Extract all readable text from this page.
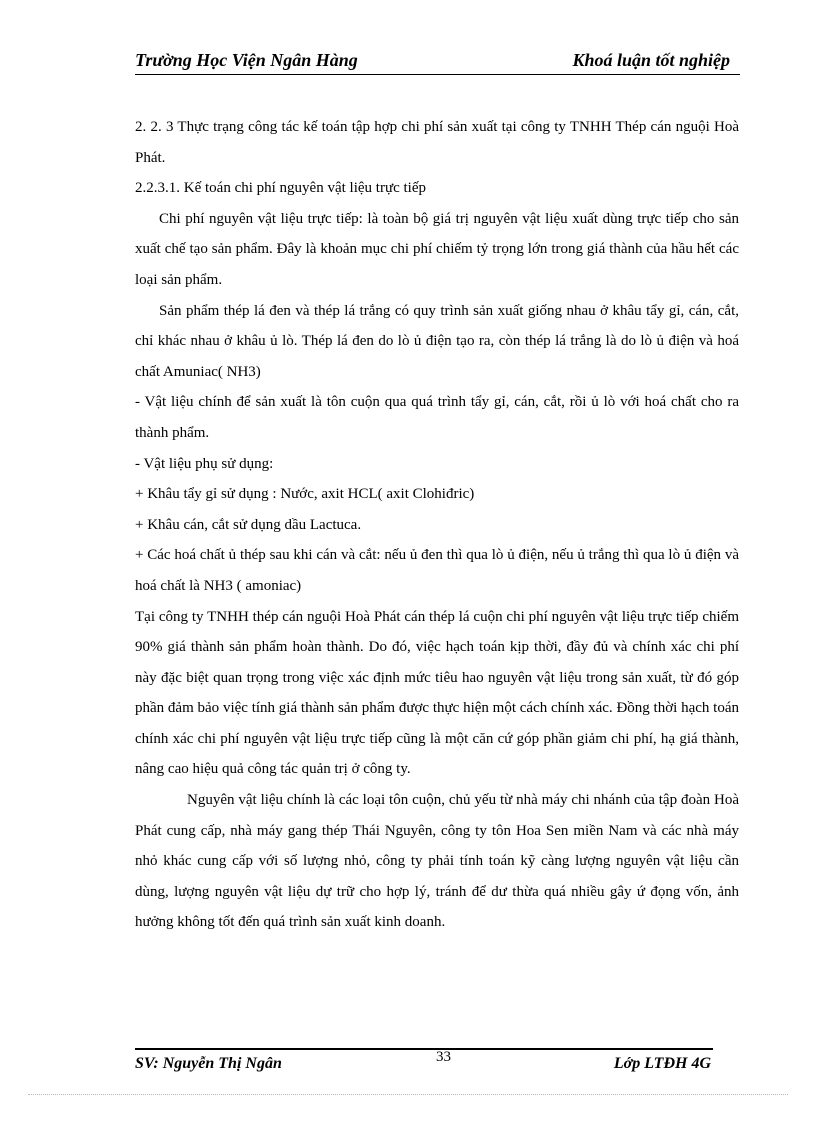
Trường Học Viện Ngân Hàng	Khoá luận tốt nghiệp

2. 2. 3 Thực trạng công tác kế toán tập hợp chi phí sản xuất tại công ty TNHH Thép cán nguội Hoà Phát.

2.2.3.1. Kế toán chi phí nguyên vật liệu trực tiếp

Chi phí nguyên vật liệu trực tiếp: là toàn bộ giá trị nguyên vật liệu xuất dùng trực tiếp cho sản xuất chế tạo sản phẩm. Đây là khoản mục chi phí chiếm tỷ trọng lớn trong giá thành của hầu hết các loại sản phẩm.

Sản phẩm thép lá đen và thép lá trắng có quy trình sản xuất giống nhau ở khâu tẩy gỉ, cán, cắt, chỉ khác nhau ở khâu ủ lò. Thép lá đen do lò ủ điện tạo ra, còn thép lá trắng là do lò ủ điện và hoá chất Amuniac( NH3)

- Vật liệu chính để sản xuất là tôn cuộn qua quá trình tẩy gỉ, cán, cắt, rồi ủ lò với hoá chất cho ra thành phẩm.

- Vật liệu phụ sử dụng:

+ Khâu tẩy gỉ sử dụng : Nước, axit HCL( axit Clohiđric)

+ Khâu cán, cắt sử dụng dầu Lactuca.

+ Các hoá chất ủ thép sau khi cán và cắt: nếu ủ đen thì qua lò ủ điện, nếu ủ trắng thì qua lò ủ điện và hoá chất là NH3 ( amoniac)

Tại công ty TNHH thép cán nguội Hoà Phát cán thép lá cuộn chi phí nguyên vật liệu trực tiếp chiếm 90% giá thành sản phẩm hoàn thành. Do đó, việc hạch toán kịp thời, đầy đủ và chính xác chi phí này đặc biệt quan trọng trong việc xác định mức tiêu hao nguyên vật liệu trong sản xuất, từ đó góp phần đảm bảo việc tính giá thành sản phẩm được thực hiện một cách chính xác. Đồng thời hạch toán chính xác chi phí nguyên vật liệu trực tiếp cũng là một căn cứ góp phần giảm chi phí, hạ giá thành, nâng cao hiệu quả công tác quản trị ở công ty.

Nguyên vật liệu chính là các loại tôn cuộn, chủ yếu từ nhà máy chi nhánh của tập đoàn Hoà Phát cung cấp, nhà máy gang thép Thái Nguyên, công ty tôn Hoa Sen miền Nam và các nhà máy nhỏ khác cung cấp với số lượng nhỏ, công ty phải tính toán kỹ càng lượng nguyên vật liệu cần dùng, lượng nguyên vật liệu dự trữ cho hợp lý, tránh để dư thừa quá nhiều gây ứ đọng vốn, ảnh hưởng không tốt đến quá trình sản xuất kinh doanh.

SV: Nguyễn Thị Ngân	33	Lớp LTĐH 4G
